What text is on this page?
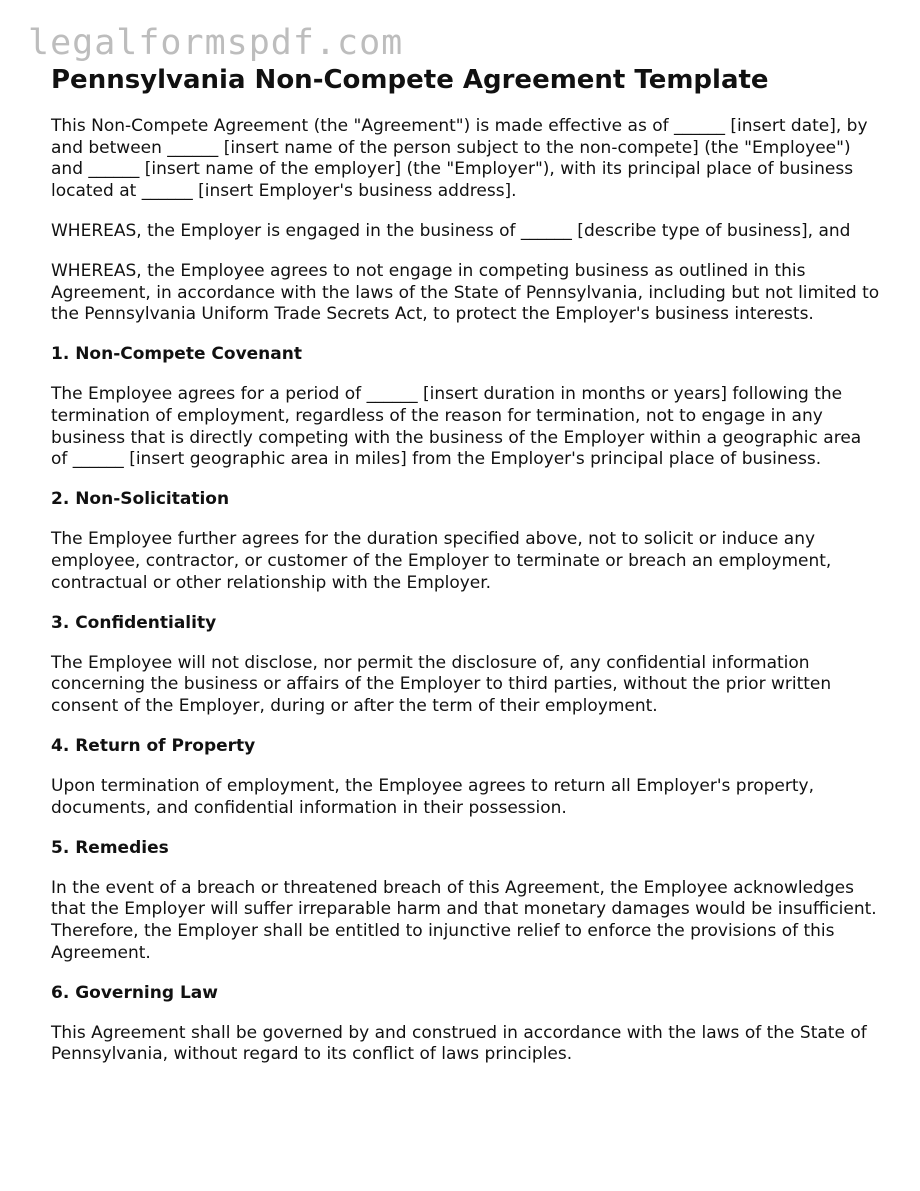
legalformspdf.com
Pennsylvania Non-Compete Agreement Template

This Non-Compete Agreement (the "Agreement") is made effective as of ______ [insert date], by and between ______ [insert name of the person subject to the non-compete] (the "Employee") and ______ [insert name of the employer] (the "Employer"), with its principal place of business located at ______ [insert Employer's business address].

WHEREAS, the Employer is engaged in the business of ______ [describe type of business], and

WHEREAS, the Employee agrees to not engage in competing business as outlined in this Agreement, in accordance with the laws of the State of Pennsylvania, including but not limited to the Pennsylvania Uniform Trade Secrets Act, to protect the Employer's business interests.

1. Non-Compete Covenant

The Employee agrees for a period of ______ [insert duration in months or years] following the termination of employment, regardless of the reason for termination, not to engage in any business that is directly competing with the business of the Employer within a geographic area of ______ [insert geographic area in miles] from the Employer's principal place of business.

2. Non-Solicitation

The Employee further agrees for the duration specified above, not to solicit or induce any employee, contractor, or customer of the Employer to terminate or breach an employment, contractual or other relationship with the Employer.

3. Confidentiality

The Employee will not disclose, nor permit the disclosure of, any confidential information concerning the business or affairs of the Employer to third parties, without the prior written consent of the Employer, during or after the term of their employment.

4. Return of Property

Upon termination of employment, the Employee agrees to return all Employer's property, documents, and confidential information in their possession.

5. Remedies

In the event of a breach or threatened breach of this Agreement, the Employee acknowledges that the Employer will suffer irreparable harm and that monetary damages would be insufficient. Therefore, the Employer shall be entitled to injunctive relief to enforce the provisions of this Agreement.

6. Governing Law

This Agreement shall be governed by and construed in accordance with the laws of the State of Pennsylvania, without regard to its conflict of laws principles.
